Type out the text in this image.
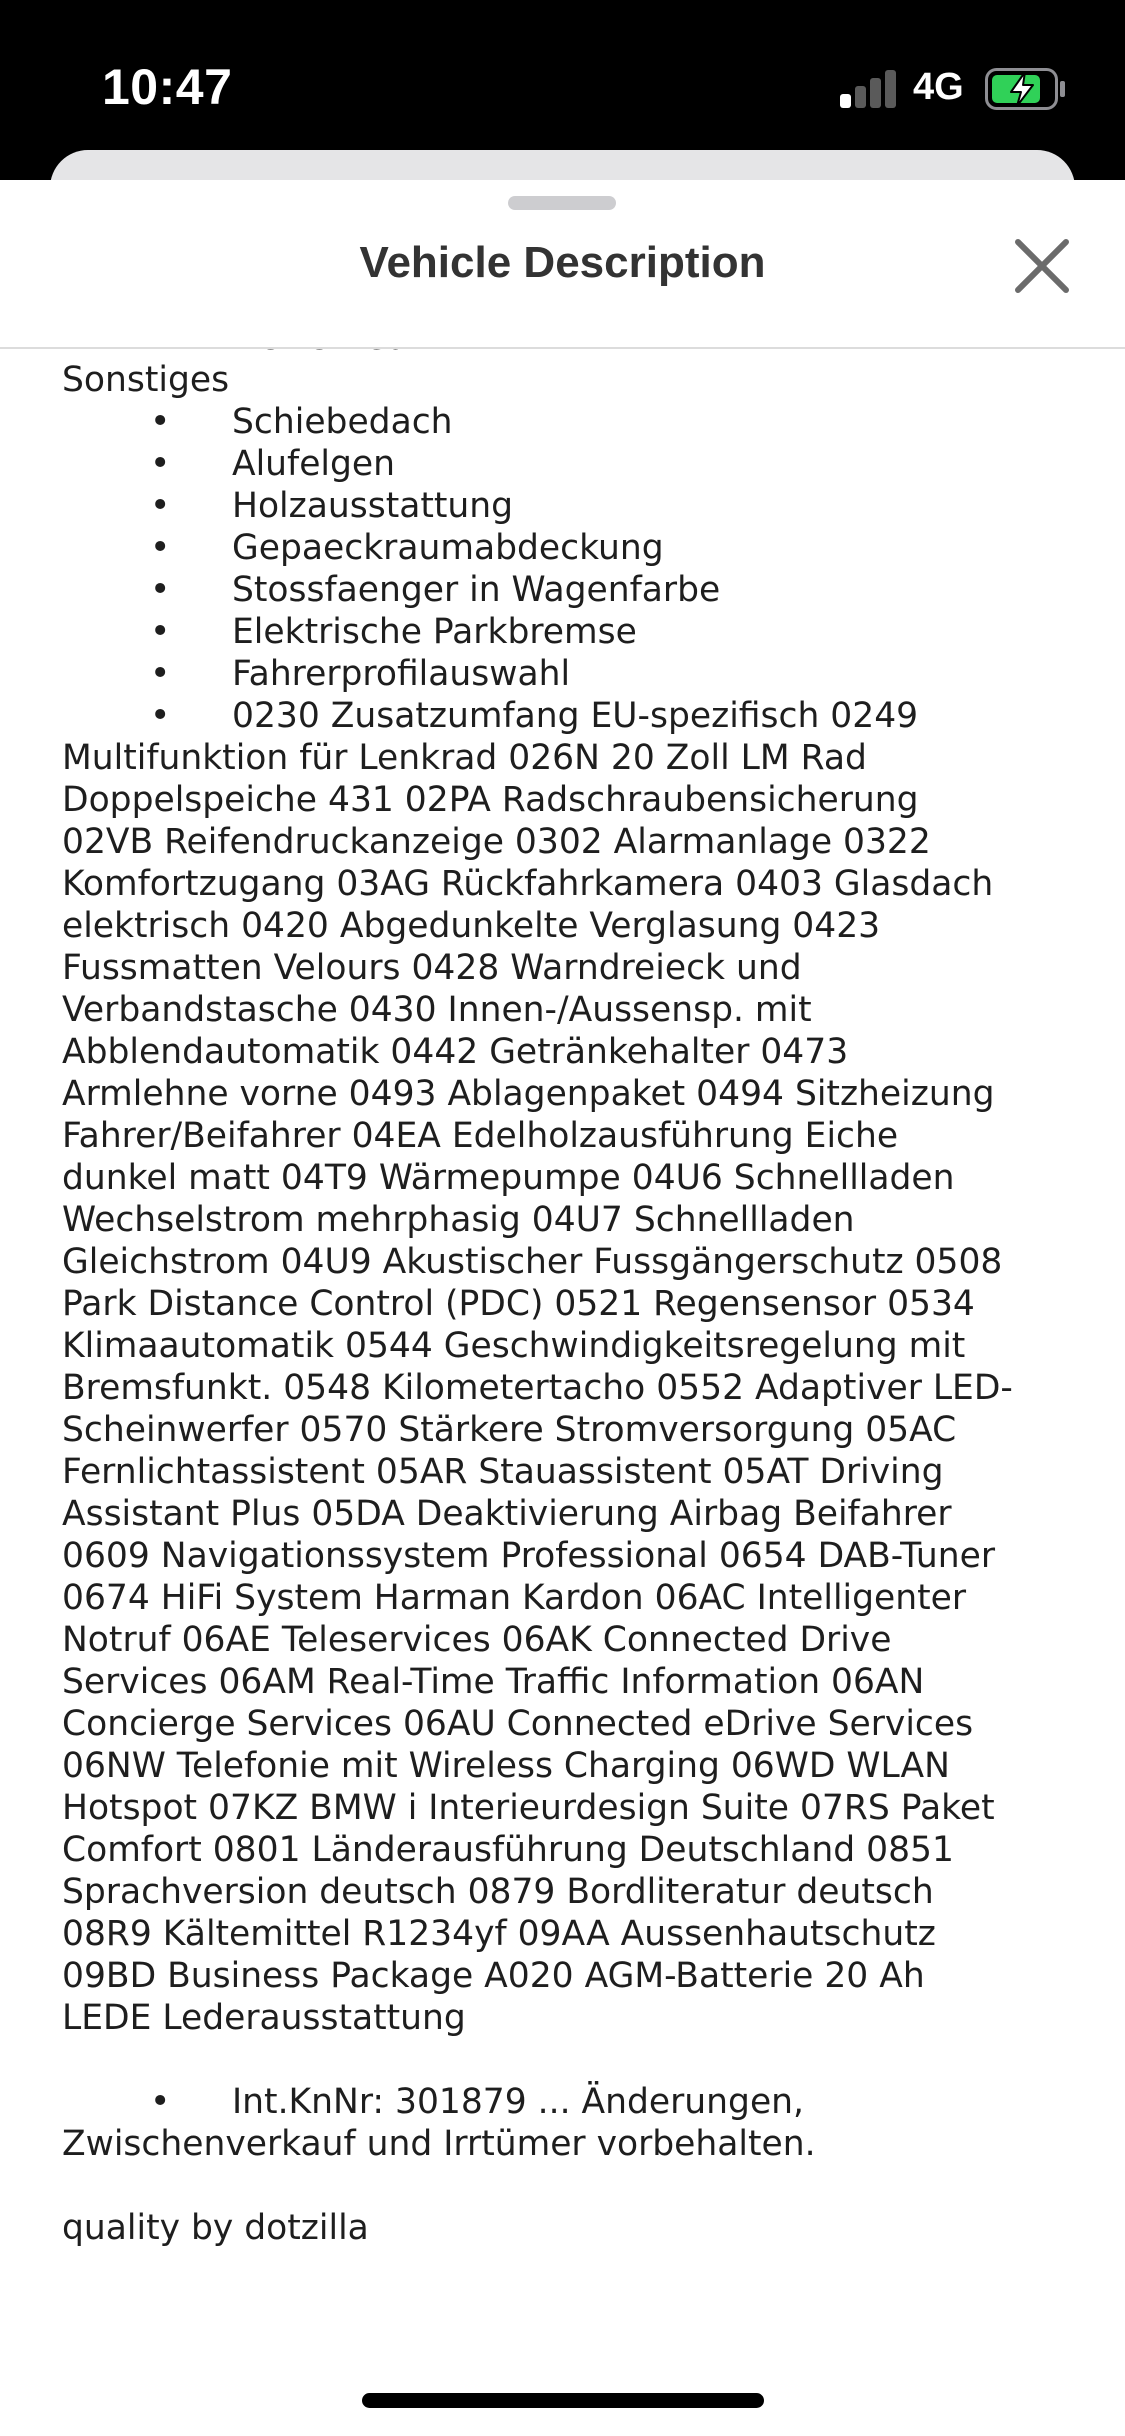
10:47	4G
Vehicle Description
Sonstiges
• Schiebedach
• Alufelgen
• Holzausstattung
• Gepaeckraumabdeckung
• Stossfaenger in Wagenfarbe
• Elektrische Parkbremse
• Fahrerprofilauswahl
• 0230 Zusatzumfang EU-spezifisch 0249
Multifunktion für Lenkrad 026N 20 Zoll LM Rad
Doppelspeiche 431 02PA Radschraubensicherung
02VB Reifendruckanzeige 0302 Alarmanlage 0322
Komfortzugang 03AG Rückfahrkamera 0403 Glasdach
elektrisch 0420 Abgedunkelte Verglasung 0423
Fussmatten Velours 0428 Warndreieck und
Verbandstasche 0430 Innen-/Aussensp. mit
Abblendautomatik 0442 Getränkehalter 0473
Armlehne vorne 0493 Ablagenpaket 0494 Sitzheizung
Fahrer/Beifahrer 04EA Edelholzausführung Eiche
dunkel matt 04T9 Wärmepumpe 04U6 Schnellladen
Wechselstrom mehrphasig 04U7 Schnellladen
Gleichstrom 04U9 Akustischer Fussgängerschutz 0508
Park Distance Control (PDC) 0521 Regensensor 0534
Klimaautomatik 0544 Geschwindigkeitsregelung mit
Bremsfunkt. 0548 Kilometertacho 0552 Adaptiver LED-
Scheinwerfer 0570 Stärkere Stromversorgung 05AC
Fernlichtassistent 05AR Stauassistent 05AT Driving
Assistant Plus 05DA Deaktivierung Airbag Beifahrer
0609 Navigationssystem Professional 0654 DAB-Tuner
0674 HiFi System Harman Kardon 06AC Intelligenter
Notruf 06AE Teleservices 06AK Connected Drive
Services 06AM Real-Time Traffic Information 06AN
Concierge Services 06AU Connected eDrive Services
06NW Telefonie mit Wireless Charging 06WD WLAN
Hotspot 07KZ BMW i Interieurdesign Suite 07RS Paket
Comfort 0801 Länderausführung Deutschland 0851
Sprachversion deutsch 0879 Bordliteratur deutsch
08R9 Kältemittel R1234yf 09AA Aussenhautschutz
09BD Business Package A020 AGM-Batterie 20 Ah
LEDE Lederausstattung
• Int.KnNr: 301879 ... Änderungen,
Zwischenverkauf und Irrtümer vorbehalten.
quality by dotzilla
